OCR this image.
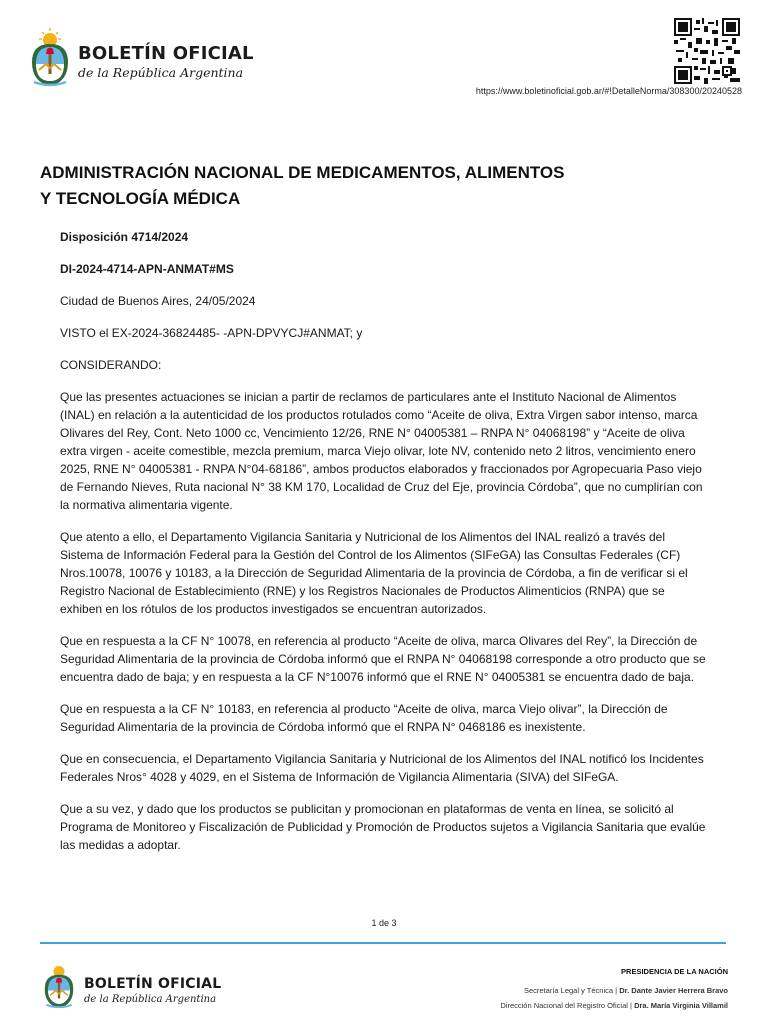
BOLETÍN OFICIAL
de la República Argentina
https://www.boletinoficial.gob.ar/#!DetalleNorma/308300/20240528
ADMINISTRACIÓN NACIONAL DE MEDICAMENTOS, ALIMENTOS
Y TECNOLOGÍA MÉDICA

Disposición 4714/2024

DI-2024-4714-APN-ANMAT#MS

Ciudad de Buenos Aires, 24/05/2024

VISTO el EX-2024-36824485- -APN-DPVYCJ#ANMAT; y

CONSIDERANDO:

Que las presentes actuaciones se inician a partir de reclamos de particulares ante el Instituto Nacional de Alimentos (INAL) en relación a la autenticidad de los productos rotulados como “Aceite de oliva, Extra Virgen sabor intenso, marca Olivares del Rey, Cont. Neto 1000 cc, Vencimiento 12/26, RNE N° 04005381 – RNPA N° 04068198” y “Aceite de oliva extra virgen - aceite comestible, mezcla premium, marca Viejo olivar, lote NV, contenido neto 2 litros, vencimiento enero 2025, RNE N° 04005381 - RNPA N°04-68186”, ambos productos elaborados y fraccionados por Agropecuaria Paso viejo de Fernando Nieves, Ruta nacional N° 38 KM 170, Localidad de Cruz del Eje, provincia Córdoba”, que no cumplirían con la normativa alimentaria vigente.

Que atento a ello, el Departamento Vigilancia Sanitaria y Nutricional de los Alimentos del INAL realizó a través del Sistema de Información Federal para la Gestión del Control de los Alimentos (SIFeGA) las Consultas Federales (CF) Nros.10078, 10076 y 10183, a la Dirección de Seguridad Alimentaria de la provincia de Córdoba, a fin de verificar si el Registro Nacional de Establecimiento (RNE) y los Registros Nacionales de Productos Alimenticios (RNPA) que se exhiben en los rótulos de los productos investigados se encuentran autorizados.

Que en respuesta a la CF N° 10078, en referencia al producto “Aceite de oliva, marca Olivares del Rey”, la Dirección de Seguridad Alimentaria de la provincia de Córdoba informó que el RNPA N° 04068198 corresponde a otro producto que se encuentra dado de baja; y en respuesta a la CF N°10076 informó que el RNE N° 04005381 se encuentra dado de baja.

Que en respuesta a la CF N° 10183, en referencia al producto “Aceite de oliva, marca Viejo olivar”, la Dirección de Seguridad Alimentaria de la provincia de Córdoba informó que el RNPA N° 0468186 es inexistente.

Que en consecuencia, el Departamento Vigilancia Sanitaria y Nutricional de los Alimentos del INAL notificó los Incidentes Federales Nros° 4028 y 4029, en el Sistema de Información de Vigilancia Alimentaria (SIVA) del SIFeGA.

Que a su vez, y dado que los productos se publicitan y promocionan en plataformas de venta en línea, se solicitó al Programa de Monitoreo y Fiscalización de Publicidad y Promoción de Productos sujetos a Vigilancia Sanitaria que evalúe las medidas a adoptar.

1 de 3
BOLETÍN OFICIAL
de la República Argentina
PRESIDENCIA DE LA NACIÓN
Secretaría Legal y Técnica | Dr. Dante Javier Herrera Bravo
Dirección Nacional del Registro Oficial | Dra. María Virginia Villamil
